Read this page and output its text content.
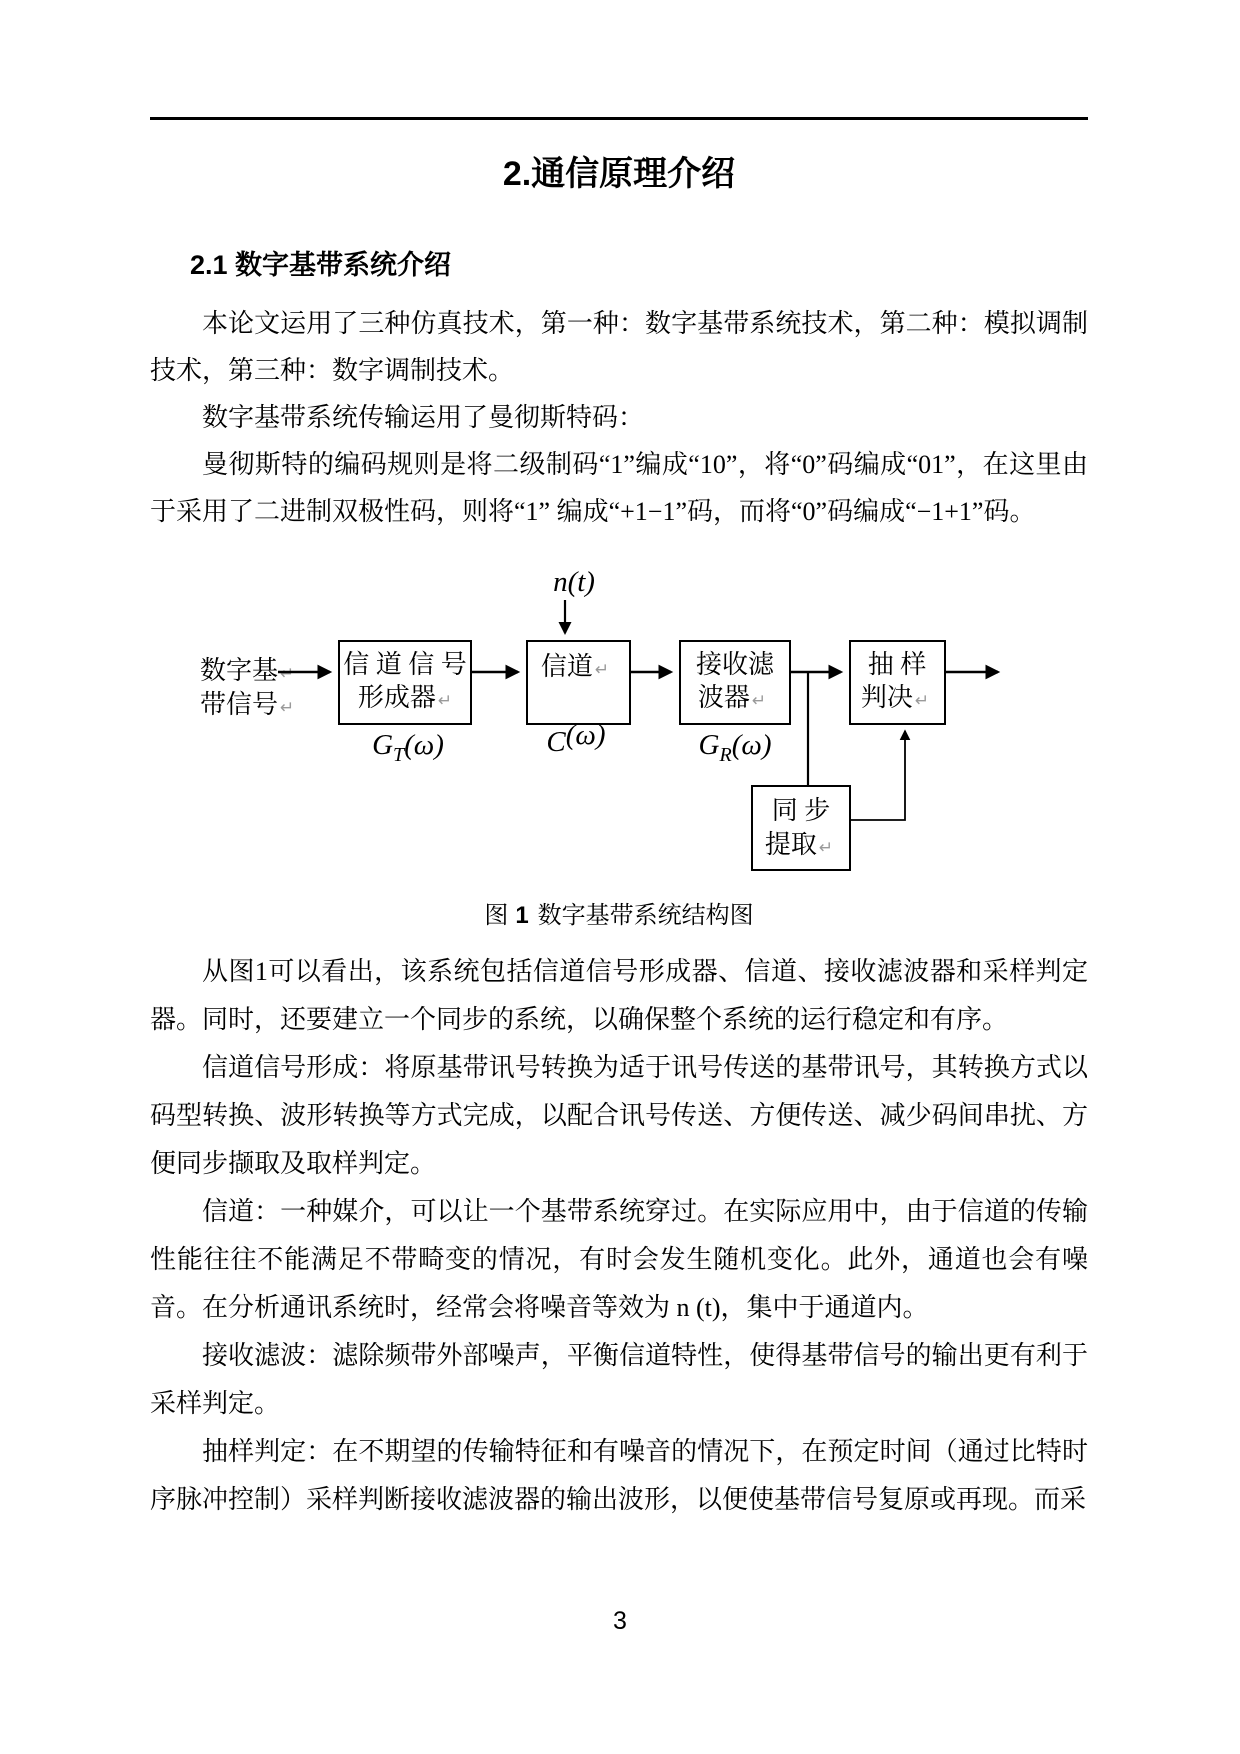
2.通信原理介绍
2.1 数字基带系统介绍

本论文运用了三种仿真技术，第一种：数字基带系统技术，第二种：模拟调制技术，第三种：数字调制技术。

数字基带系统传输运用了曼彻斯特码：

曼彻斯特的编码规则是将二级制码“1”编成“10”，将“0”码编成“01”，在这里由于采用了二进制双极性码，则将“1” 编成“+1−1”码，而将“0”码编成“−1+1”码。

n(t)
数字基 ↵
带信号 ↵
信 道 信 号
形成器 ↵
信道 ↵	接收滤
波器 ↵
抽 样
判决 ↵
同 步
提取 ↵
$G_T(\omega)$	C(ω)	$G_R(\omega)$
图 1 数字基带系统结构图

从图1可以看出，该系统包括信道信号形成器、信道、接收滤波器和采样判定器。同时，还要建立一个同步的系统，以确保整个系统的运行稳定和有序。

信道信号形成：将原基带讯号转换为适于讯号传送的基带讯号，其转换方式以码型转换、波形转换等方式完成，以配合讯号传送、方便传送、减少码间串扰、方便同步撷取及取样判定。

信道：一种媒介，可以让一个基带系统穿过。在实际应用中，由于信道的传输性能往往不能满足不带畸变的情况，有时会发生随机变化。此外，通道也会有噪音。在分析通讯系统时，经常会将噪音等效为 n (t)，集中于通道内。

接收滤波：滤除频带外部噪声，平衡信道特性，使得基带信号的输出更有利于采样判定。

抽样判定：在不期望的传输特征和有噪音的情况下，在预定时间（通过比特时序脉冲控制）采样判断接收滤波器的输出波形，以便使基带信号复原或再现。而采

3
